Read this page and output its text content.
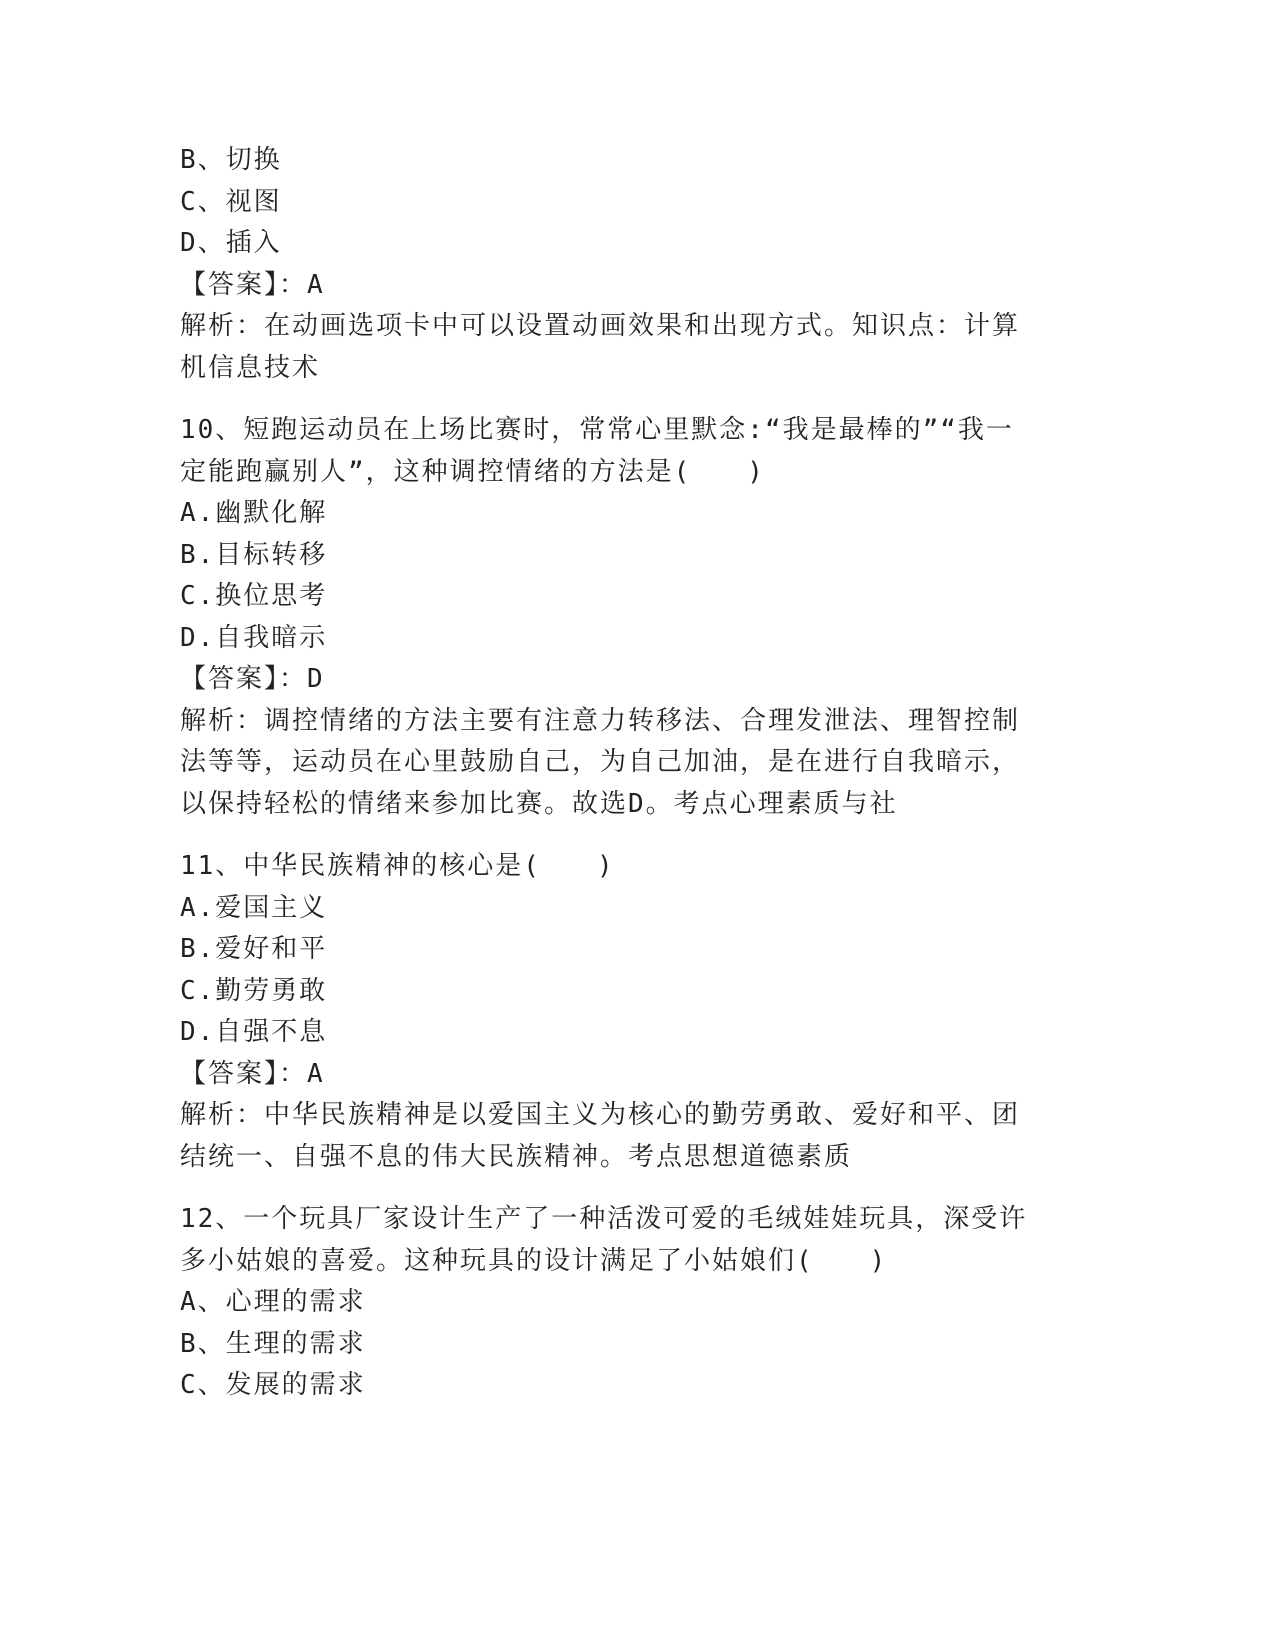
B、切换
C、视图
D、插入
【答案】：A
解析：在动画选项卡中可以设置动画效果和出现方式。知识点：计算
机信息技术
10、短跑运动员在上场比赛时，常常心里默念:“我是最棒的”“我一
定能跑赢别人”，这种调控情绪的方法是(　　)
A.幽默化解
B.目标转移
C.换位思考
D.自我暗示
【答案】：D
解析：调控情绪的方法主要有注意力转移法、合理发泄法、理智控制
法等等，运动员在心里鼓励自己，为自己加油，是在进行自我暗示，
以保持轻松的情绪来参加比赛。故选D。考点心理素质与社
11、中华民族精神的核心是(　　)
A.爱国主义
B.爱好和平
C.勤劳勇敢
D.自强不息
【答案】：A
解析：中华民族精神是以爱国主义为核心的勤劳勇敢、爱好和平、团
结统一、自强不息的伟大民族精神。考点思想道德素质
12、一个玩具厂家设计生产了一种活泼可爱的毛绒娃娃玩具，深受许
多小姑娘的喜爱。这种玩具的设计满足了小姑娘们(　　)
A、心理的需求
B、生理的需求
C、发展的需求
